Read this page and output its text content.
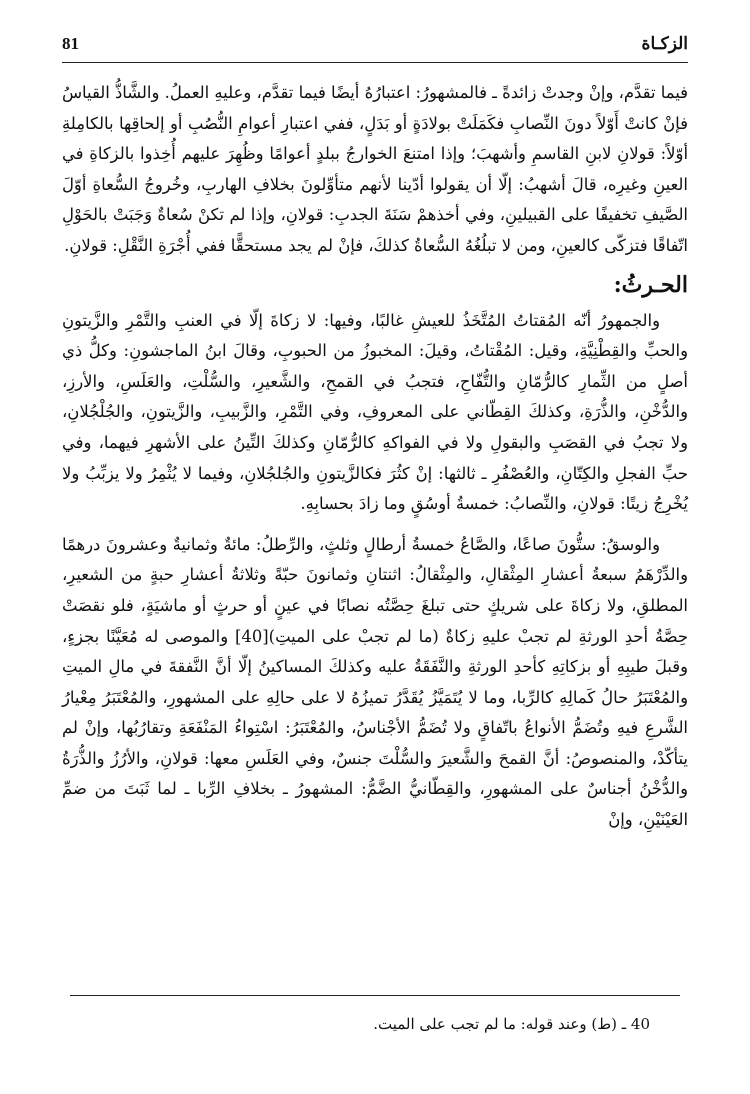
الزكـاة
81

فيما تقدَّم، وإنْ وجدتْ زائدةً ـ فالمشهورُ: اعتبارُهُ أيضًا فيما تقدَّم، وعليهِ العملُ. والشَّاذُّ القياسُ فإنْ كانتْ أَوّلاً دونَ النِّصابِ فكَمَلَتْ بولادَةٍ أو بَدَلٍ، ففي اعتبارِ أعوامِ النُّصُبِ أو إلحاقِها بالكامِلةِ أوّلاً: قولانِ لابنِ القاسمِ وأشهبَ؛ وإذا امتنعَ الخوارجُ ببلدٍ أعوامًا وظُهِرَ عليهم أُخِذوا بالزكاةِ في العينِ وغيرِه، قالَ أشهبُ: إلّا أن يقولوا أدّينا لأنهم متأوِّلونَ بخلافِ الهاربِ، وخُروجُ السُّعاةِ أوّلَ الصَّيفِ تخفيفًا على القبيلينِ، وفي أخذهمْ سَنَةَ الجدبِ: قولانِ، وإذا لم تكنْ سُعاةٌ وَجَبَتْ بالحَوْلِ اتّفاقًا فتزكّى كالعينِ، ومن لا تبلُغُهُ السُّعاةُ كذلكَ، فإنْ لم يجد مستحقًّا ففي أُجْرَةِ النَّقْلِ: قولانِ.

الحـرثُ:

والجمهورُ أنّه المُقتاتُ المُتَّخَذُ للعيشِ غالبًا، وفيها: لا زكاةَ إلّا في العنبِ والتَّمْرِ والزَّيتونِ والحبِّ والقِطْنِيَّةِ، وقيل: المُقْتاتُ، وقيلَ: المخبوزُ من الحبوبِ، وقالَ ابنُ الماجشونِ: وكلُّ ذي أصلٍ من الثِّمارِ كالرُّمّانِ والتُّفّاحِ، فتجبُ في القمحِ، والشَّعيرِ، والسُّلْتِ، والعَلَسِ، والأرزِ، والدُّخْنِ، والذُّرَةِ، وكذلكَ القِطّاني على المعروفِ، وفي التَّمْرِ، والزَّبيبِ، والزَّيتونِ، والجُلْجُلانِ، ولا تجبُ في القصَبِ والبقولِ ولا في الفواكهِ كالرُّمّانِ وكذلكَ التِّينُ على الأشهرِ فيهما، وفي حبِّ الفجلِ والكِتّانِ، والعُصْفُرِ ـ ثالثها: إنْ كثُرَ فكالزَّيتونِ والجُلجُلانِ، وفيما لا يُثْمِرُ ولا يزبِّبُ ولا يُخْرِجُ زيتًا: قولانِ، والنِّصابُ: خمسةُ أوسُقٍ وما زادَ بحسابِهِ.

والوسقُ: ستُّونَ صاعًا، والصَّاعُ خمسةُ أرطالٍ وثلثٍ، والرِّطلُ: مائةٌ وثمانيةٌ وعشرونَ درهمًا والدِّرْهَمُ سبعةُ أعشارِ المِثْقالِ، والمِثْقالُ: اثنتانِ وثمانونَ حبّةً وثلاثةُ أعشارِ حبةٍ من الشعيرِ، المطلقِ، ولا زكاةَ على شريكٍ حتى تبلغَ حِصَّتُه نصابًا في عينٍ أو حرثٍ أو ماشيَةٍ، فلو نقصَتْ حِصَّةُ أحدِ الورثةِ لم تجبْ عليهِ زكاةٌ (ما لم تجبْ على الميتِ)[40] والموصى له مُعَيَّنًا بجزءٍ، وقبلَ طيبِهِ أو بزكاتِهِ كأحدِ الورثةِ والنَّفَقَةُ عليه وكذلكَ المساكينُ إلّا أنَّ النَّفقةَ في مالِ الميتِ والمُعْتَبَرُ حالُ كَمالِهِ كالرِّبا، وما لا يُتَمَيَّزُ يُقَدَّرُ تميزُهُ لا على حالِهِ على المشهورِ، والمُعْتَبَرُ مِعْيارُ الشَّرعِ فيهِ وتُضَمُّ الأنواعُ باتّفاقٍ ولا تُضَمُّ الأجْناسُ، والمُعْتَبَرُ: اسْتِواءُ المَنْفَعَةِ وتقارُبُها، وإنْ لم يتأكّدْ، والمنصوصُ: أنَّ القمحَ والشَّعيرَ والسُّلْتَ جنسٌ، وفي العَلَسِ معها: قولانِ، والأرُزُ والذُّرَةُ والدُّخْنُ أجناسٌ على المشهورِ، والقِطّانيُّ الضَّمُّ: المشهورُ ـ بخلافِ الرِّبا ـ لما ثَبَتَ من ضمِّ العَيْنَيْنِ، وإنْ

40 ـ (ط) وعند قوله: ما لم تجب على الميت.
